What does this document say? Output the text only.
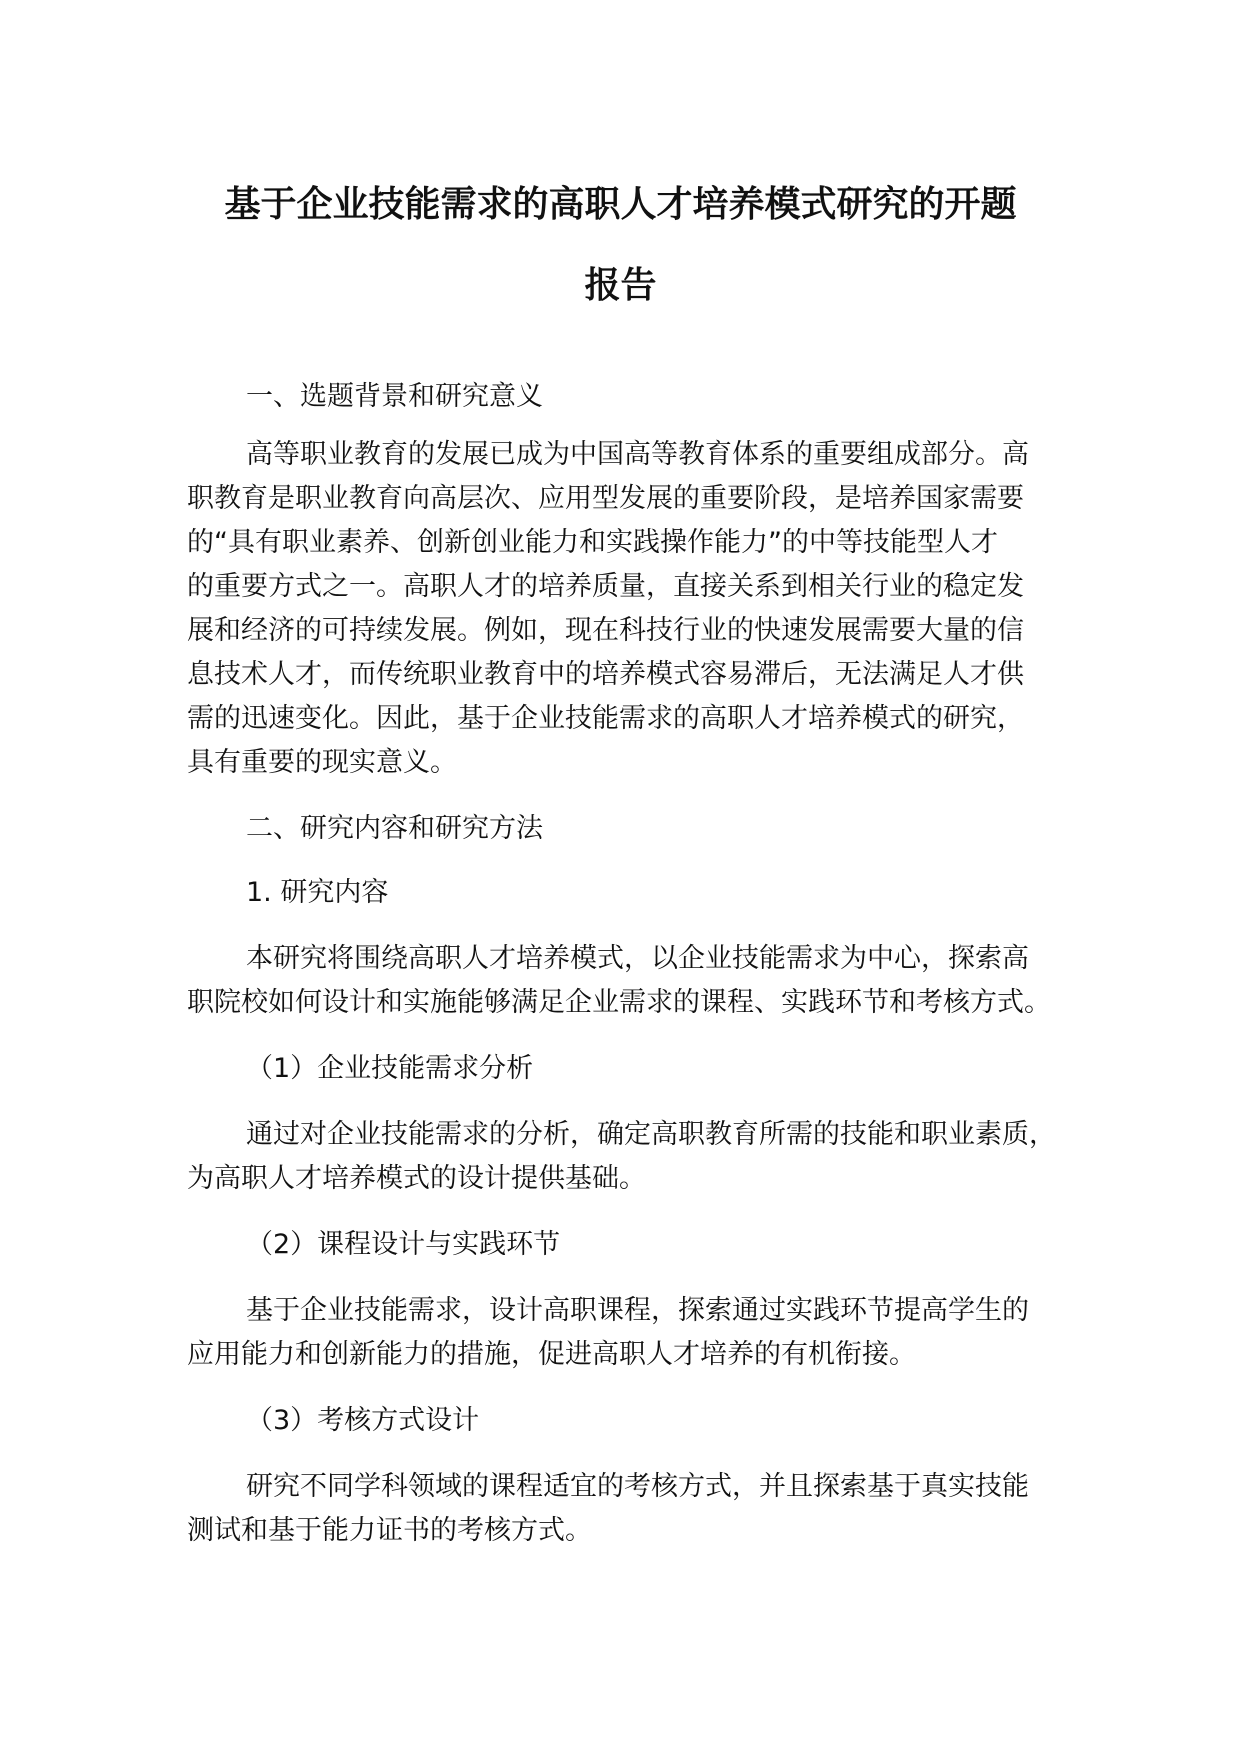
基于企业技能需求的高职人才培养模式研究的开题
报告
一、选题背景和研究意义
高等职业教育的发展已成为中国高等教育体系的重要组成部分。高
职教育是职业教育向高层次、应用型发展的重要阶段，是培养国家需要
的“具有职业素养、创新创业能力和实践操作能力”的中等技能型人才
的重要方式之一。高职人才的培养质量，直接关系到相关行业的稳定发
展和经济的可持续发展。例如，现在科技行业的快速发展需要大量的信
息技术人才，而传统职业教育中的培养模式容易滞后，无法满足人才供
需的迅速变化。因此，基于企业技能需求的高职人才培养模式的研究，
具有重要的现实意义。
二、研究内容和研究方法
1. 研究内容
本研究将围绕高职人才培养模式，以企业技能需求为中心，探索高
职院校如何设计和实施能够满足企业需求的课程、实践环节和考核方式。
（1）企业技能需求分析
通过对企业技能需求的分析，确定高职教育所需的技能和职业素质，
为高职人才培养模式的设计提供基础。
（2）课程设计与实践环节
基于企业技能需求，设计高职课程，探索通过实践环节提高学生的
应用能力和创新能力的措施，促进高职人才培养的有机衔接。
（3）考核方式设计
研究不同学科领域的课程适宜的考核方式，并且探索基于真实技能
测试和基于能力证书的考核方式。
